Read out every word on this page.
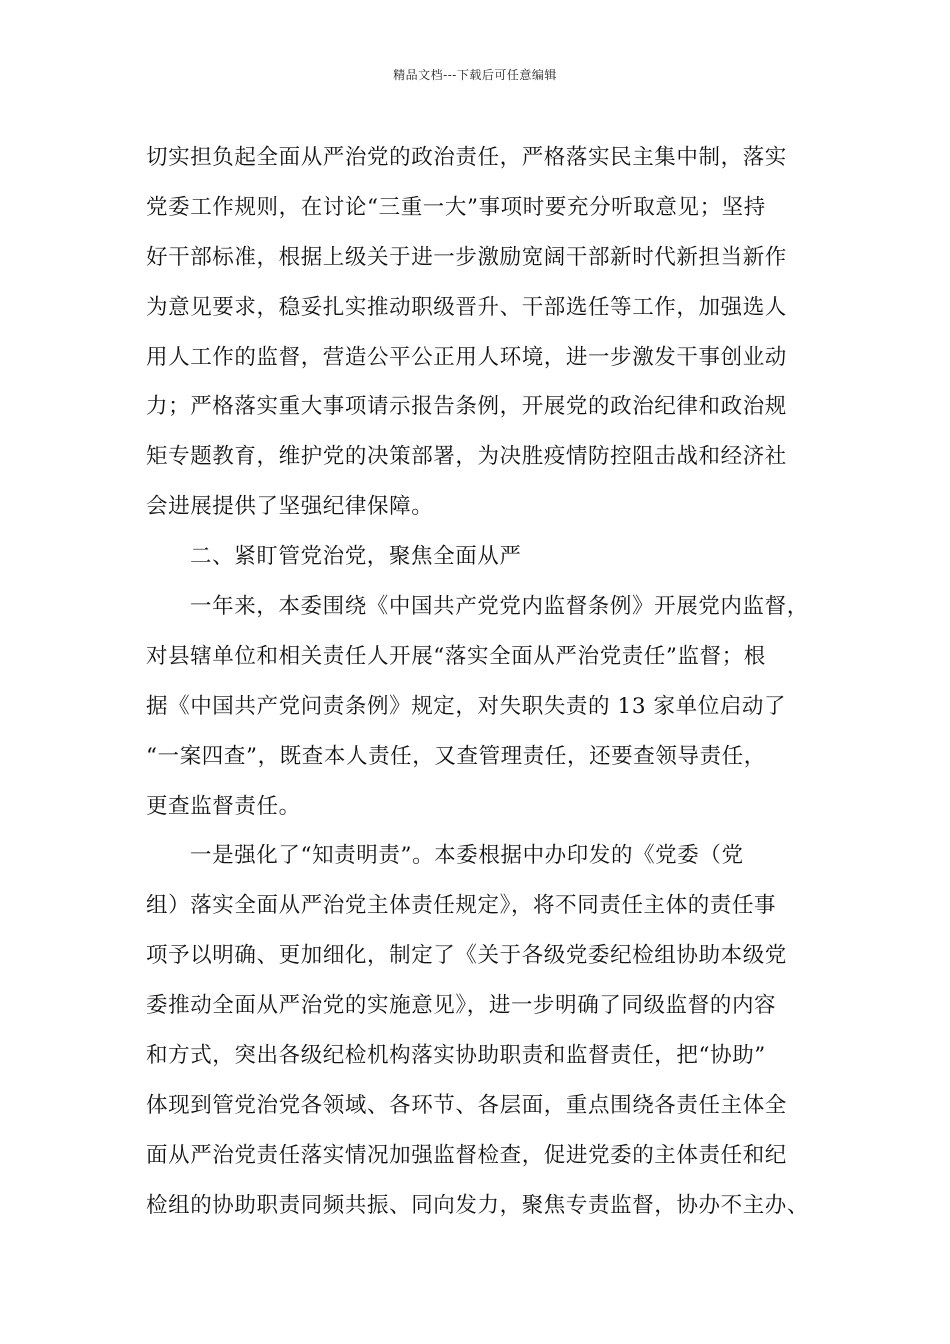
精品文档---下载后可任意编辑
切实担负起全面从严治党的政治责任，严格落实民主集中制，落实
党委工作规则，在讨论“三重一大”事项时要充分听取意见；坚持
好干部标准，根据上级关于进一步激励宽阔干部新时代新担当新作
为意见要求，稳妥扎实推动职级晋升、干部选任等工作，加强选人
用人工作的监督，营造公平公正用人环境，进一步激发干事创业动
力；严格落实重大事项请示报告条例，开展党的政治纪律和政治规
矩专题教育，维护党的决策部署，为决胜疫情防控阻击战和经济社
会进展提供了坚强纪律保障。
二、紧盯管党治党，聚焦全面从严
一年来，本委围绕《中国共产党党内监督条例》开展党内监督，
对县辖单位和相关责任人开展“落实全面从严治党责任”监督；根
据《中国共产党问责条例》规定，对失职失责的 13 家单位启动了
“一案四查”，既查本人责任，又查管理责任，还要查领导责任，
更查监督责任。
一是强化了“知责明责”。本委根据中办印发的《党委（党
组）落实全面从严治党主体责任规定》，将不同责任主体的责任事
项予以明确、更加细化，制定了《关于各级党委纪检组协助本级党
委推动全面从严治党的实施意见》，进一步明确了同级监督的内容
和方式，突出各级纪检机构落实协助职责和监督责任，把“协助”
体现到管党治党各领域、各环节、各层面，重点围绕各责任主体全
面从严治党责任落实情况加强监督检查，促进党委的主体责任和纪
检组的协助职责同频共振、同向发力，聚焦专责监督，协办不主办、
